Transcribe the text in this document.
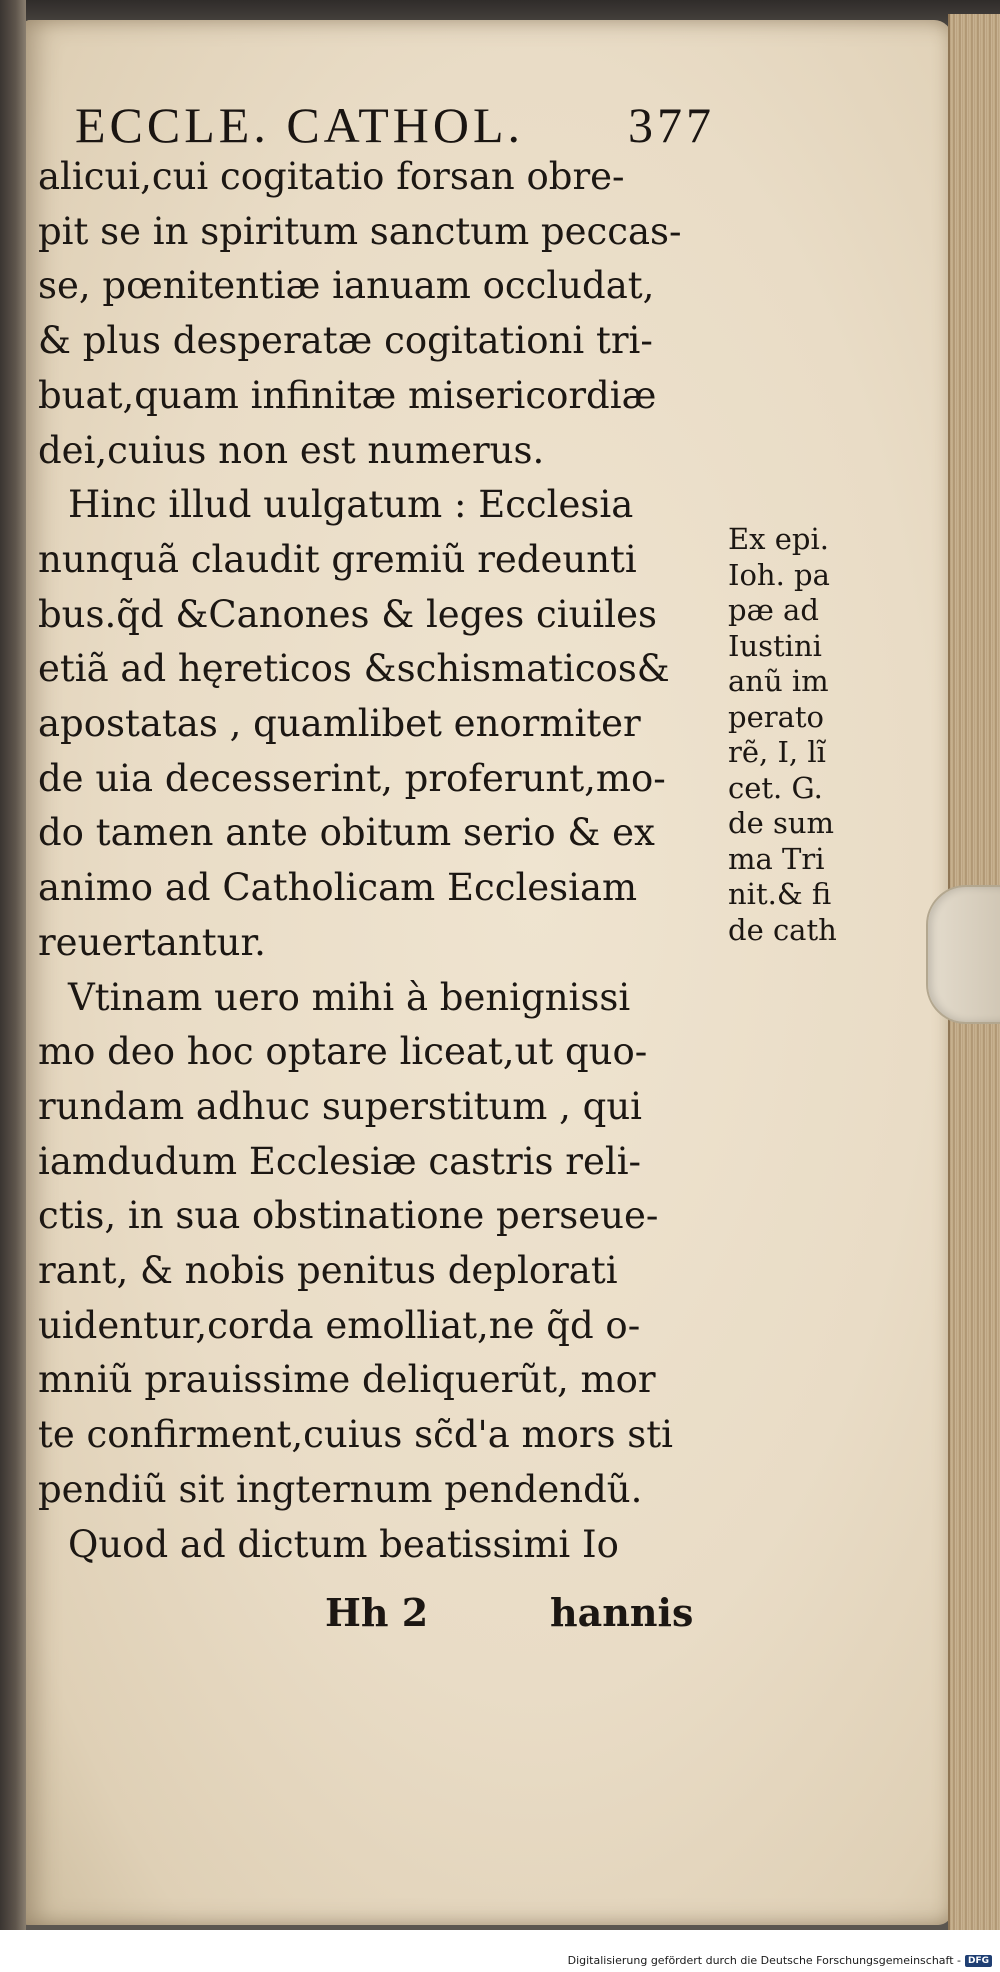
ECCLE. CATHOL. 377
alicui,cui cogitatio forsan obre-
pit se in spiritum sanctum peccas-
se, pœnitentiæ ianuam occludat,
& plus desperatæ cogitationi tri-
buat,quam infinitæ misericordiæ
dei,cuius non est numerus.
Hinc illud uulgatum : Ecclesia
nunquã claudit gremiũ redeunti
bus.q̃d &Canones & leges ciuiles
etiã ad hęreticos &schismaticos&
apostatas , quamlibet enormiter
de uia decesserint, proferunt,mo-
do tamen ante obitum serio & ex
animo ad Catholicam Ecclesiam
reuertantur.
Vtinam uero mihi à benignissi
mo deo hoc optare liceat,ut quo-
rundam adhuc superstitum , qui
iamdudum Ecclesiæ castris reli-
ctis, in sua obstinatione perseue-
rant, & nobis penitus deplorati
uidentur,corda emolliat,ne q̃d o-
mniũ prauissime deliquerũt, mor
te confirment,cuius sc̃d'a mors sti
pendiũ sit ingternum pendendũ.
Quod ad dictum beatissimi Io
Ex epi.
Ioh. pa
pæ ad
Iustini
anũ im
perato
rẽ, I, lĩ
cet. G.
de sum
ma Tri
nit.& fi
de cath
Hh 2	hannis
Digitalisierung gefördert durch die Deutsche Forschungsgemeinschaft - DFG
